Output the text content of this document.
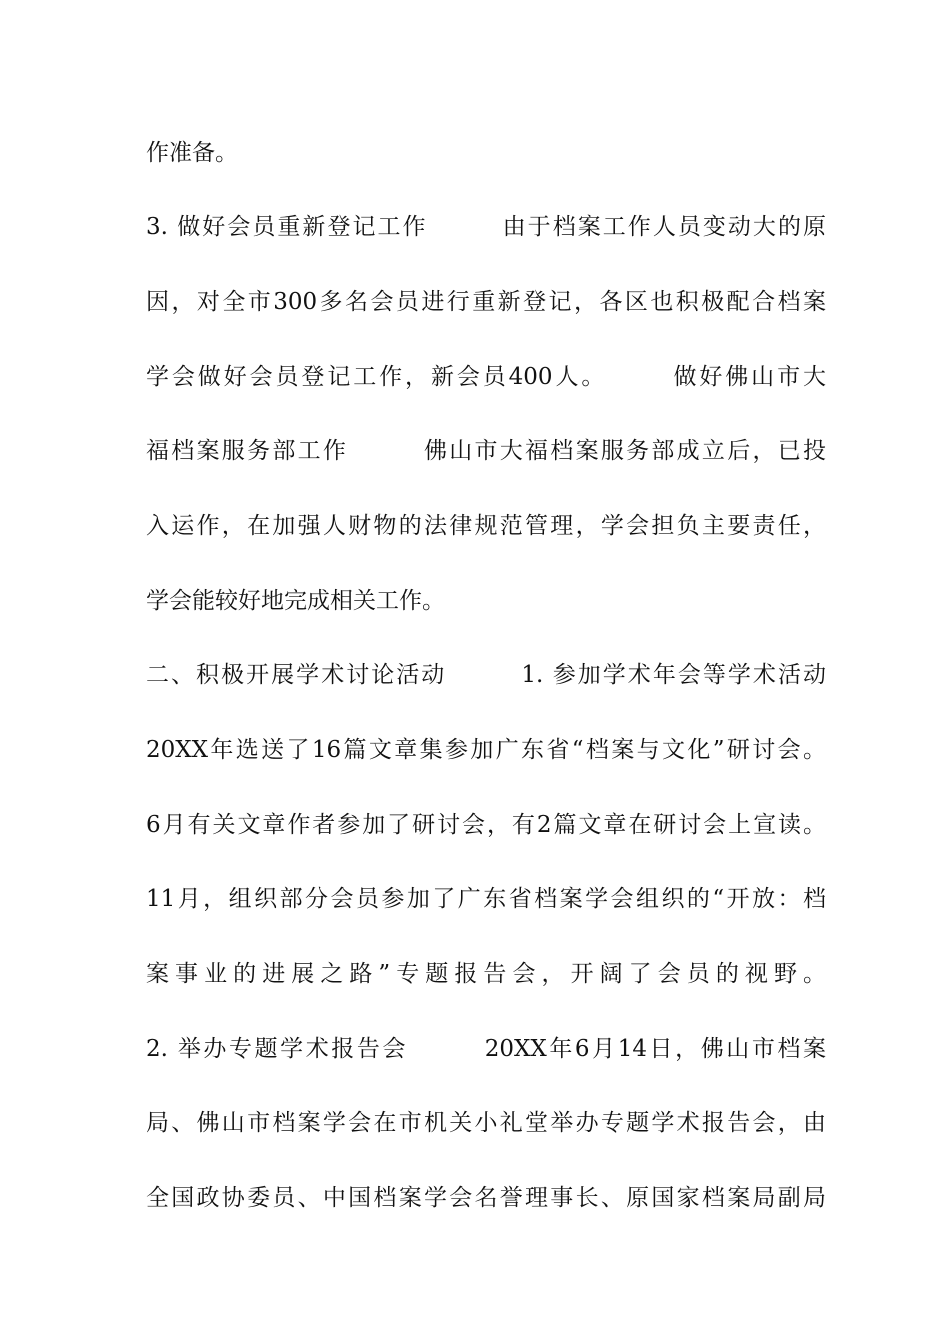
作准备。
3. 做好会员重新登记工作　　　由于档案工作人员变动大的原
因，对全市300多名会员进行重新登记，各区也积极配合档案
学会做好会员登记工作，新会员400人。　　　做好佛山市大
福档案服务部工作　　　佛山市大福档案服务部成立后，已投
入运作，在加强人财物的法律规范管理，学会担负主要责任，
学会能较好地完成相关工作。
二、积极开展学术讨论活动　　　1. 参加学术年会等学术活动
20XX年选送了16篇文章集参加广东省“档案与文化”研讨会。
6月有关文章作者参加了研讨会，有2篇文章在研讨会上宣读。
11月，组织部分会员参加了广东省档案学会组织的“开放：档
案事业的进展之路”专题报告会，开阔了会员的视野。
2. 举办专题学术报告会　　　20XX年6月14日，佛山市档案
局、佛山市档案学会在市机关小礼堂举办专题学术报告会，由
全国政协委员、中国档案学会名誉理事长、原国家档案局副局
